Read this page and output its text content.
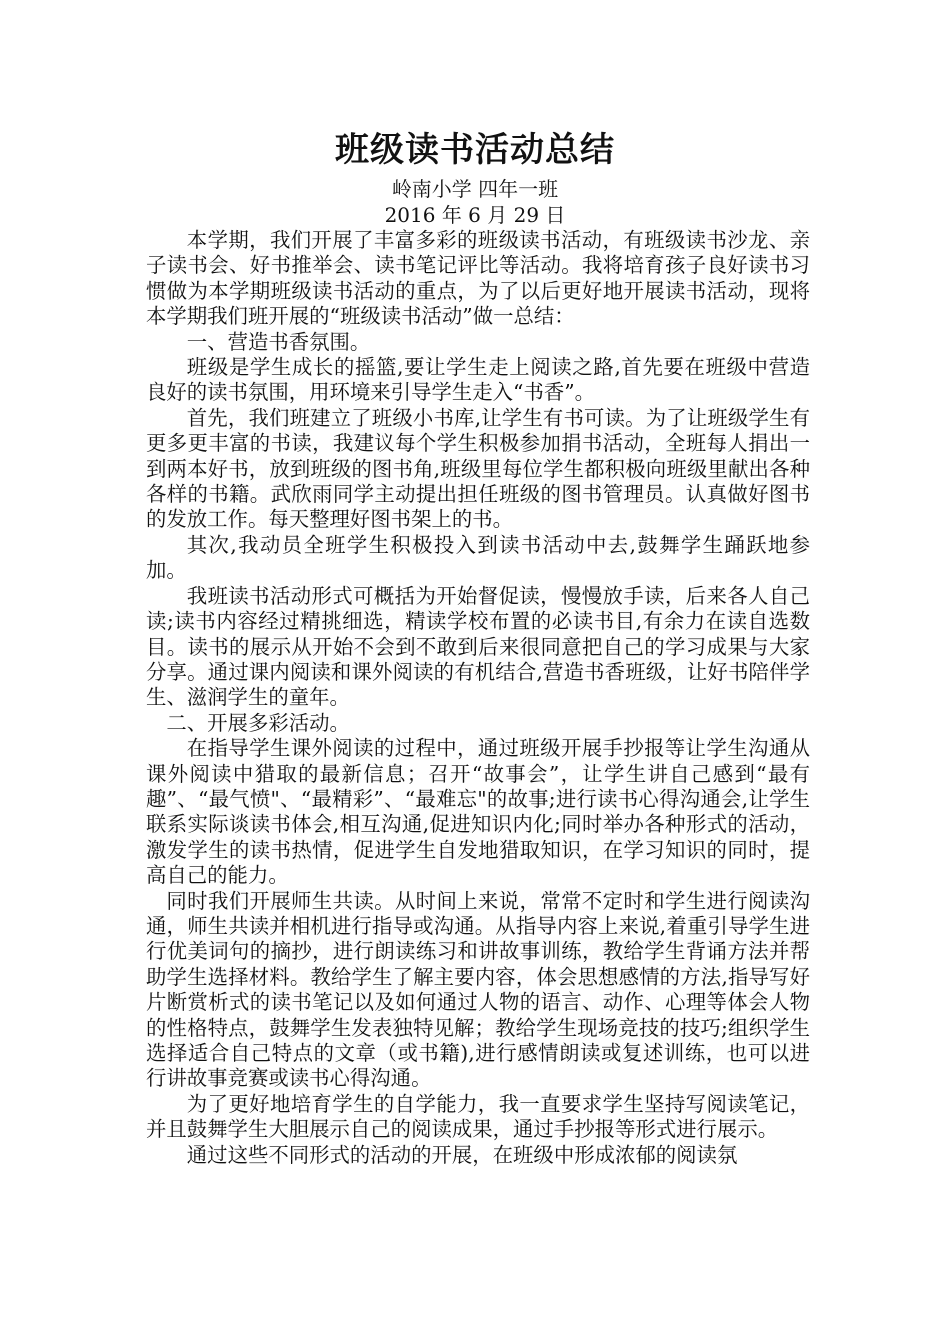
班级读书活动总结
岭南小学 四年一班
2016 年 6 月 29 日

本学期，我们开展了丰富多彩的班级读书活动，有班级读书沙龙、亲子读书会、好书推举会、读书笔记评比等活动。我将培育孩子良好读书习惯做为本学期班级读书活动的重点，为了以后更好地开展读书活动，现将本学期我们班开展的“班级读书活动”做一总结：

一、营造书香氛围。

班级是学生成长的摇篮,要让学生走上阅读之路,首先要在班级中营造良好的读书氛围，用环境来引导学生走入“书香”。

首先，我们班建立了班级小书库,让学生有书可读。为了让班级学生有更多更丰富的书读，我建议每个学生积极参加捐书活动，全班每人捐出一到两本好书，放到班级的图书角,班级里每位学生都积极向班级里献出各种各样的书籍。武欣雨同学主动提出担任班级的图书管理员。认真做好图书的发放工作。每天整理好图书架上的书。

其次,我动员全班学生积极投入到读书活动中去,鼓舞学生踊跃地参加。

我班读书活动形式可概括为开始督促读，慢慢放手读，后来各人自己读;读书内容经过精挑细选，精读学校布置的必读书目,有余力在读自选数目。读书的展示从开始不会到不敢到后来很同意把自己的学习成果与大家分享。通过课内阅读和课外阅读的有机结合,营造书香班级，让好书陪伴学生、滋润学生的童年。

二、开展多彩活动。

在指导学生课外阅读的过程中，通过班级开展手抄报等让学生沟通从课外阅读中猎取的最新信息；召开“故事会”，让学生讲自己感到“最有趣”、“最气愤"、“最精彩”、“最难忘"的故事;进行读书心得沟通会,让学生联系实际谈读书体会,相互沟通,促进知识内化;同时举办各种形式的活动，激发学生的读书热情，促进学生自发地猎取知识，在学习知识的同时，提高自己的能力。

同时我们开展师生共读。从时间上来说，常常不定时和学生进行阅读沟通，师生共读并相机进行指导或沟通。从指导内容上来说,着重引导学生进行优美词句的摘抄，进行朗读练习和讲故事训练，教给学生背诵方法并帮助学生选择材料。教给学生了解主要内容，体会思想感情的方法,指导写好片断赏析式的读书笔记以及如何通过人物的语言、动作、心理等体会人物的性格特点，鼓舞学生发表独特见解；教给学生现场竞技的技巧;组织学生选择适合自己特点的文章（或书籍),进行感情朗读或复述训练，也可以进行讲故事竞赛或读书心得沟通。

为了更好地培育学生的自学能力，我一直要求学生坚持写阅读笔记，并且鼓舞学生大胆展示自己的阅读成果，通过手抄报等形式进行展示。

通过这些不同形式的活动的开展，在班级中形成浓郁的阅读氛
